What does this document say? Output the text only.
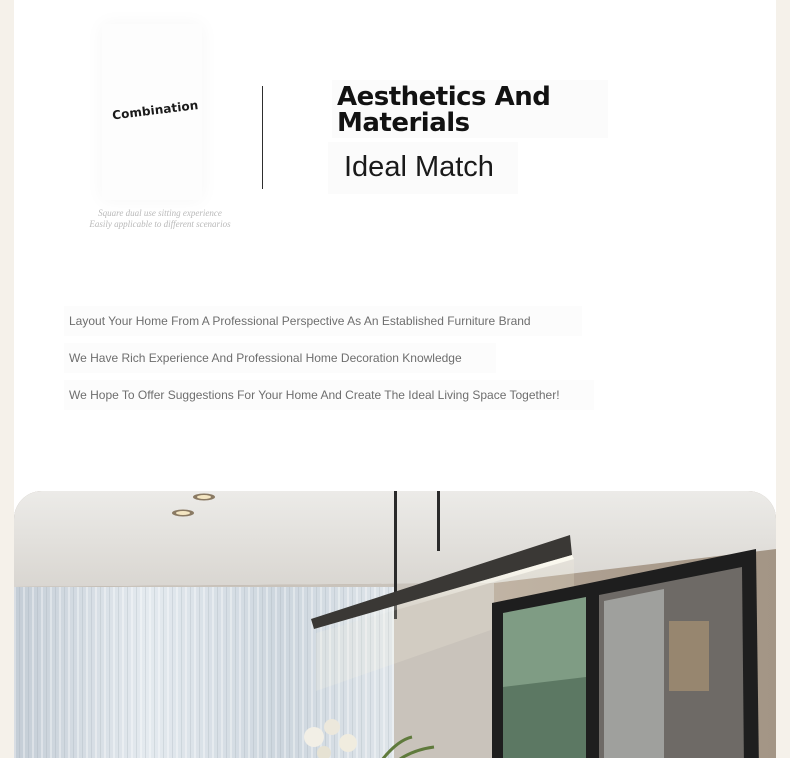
Combination
Square dual use sitting experience
Easily applicable to different scenarios
Aesthetics And Materials
Ideal Match
Layout Your Home From A Professional Perspective As An Established Furniture Brand
We Have Rich Experience And Professional Home Decoration Knowledge
We Hope To Offer Suggestions For Your Home And Create The Ideal Living Space Together!
